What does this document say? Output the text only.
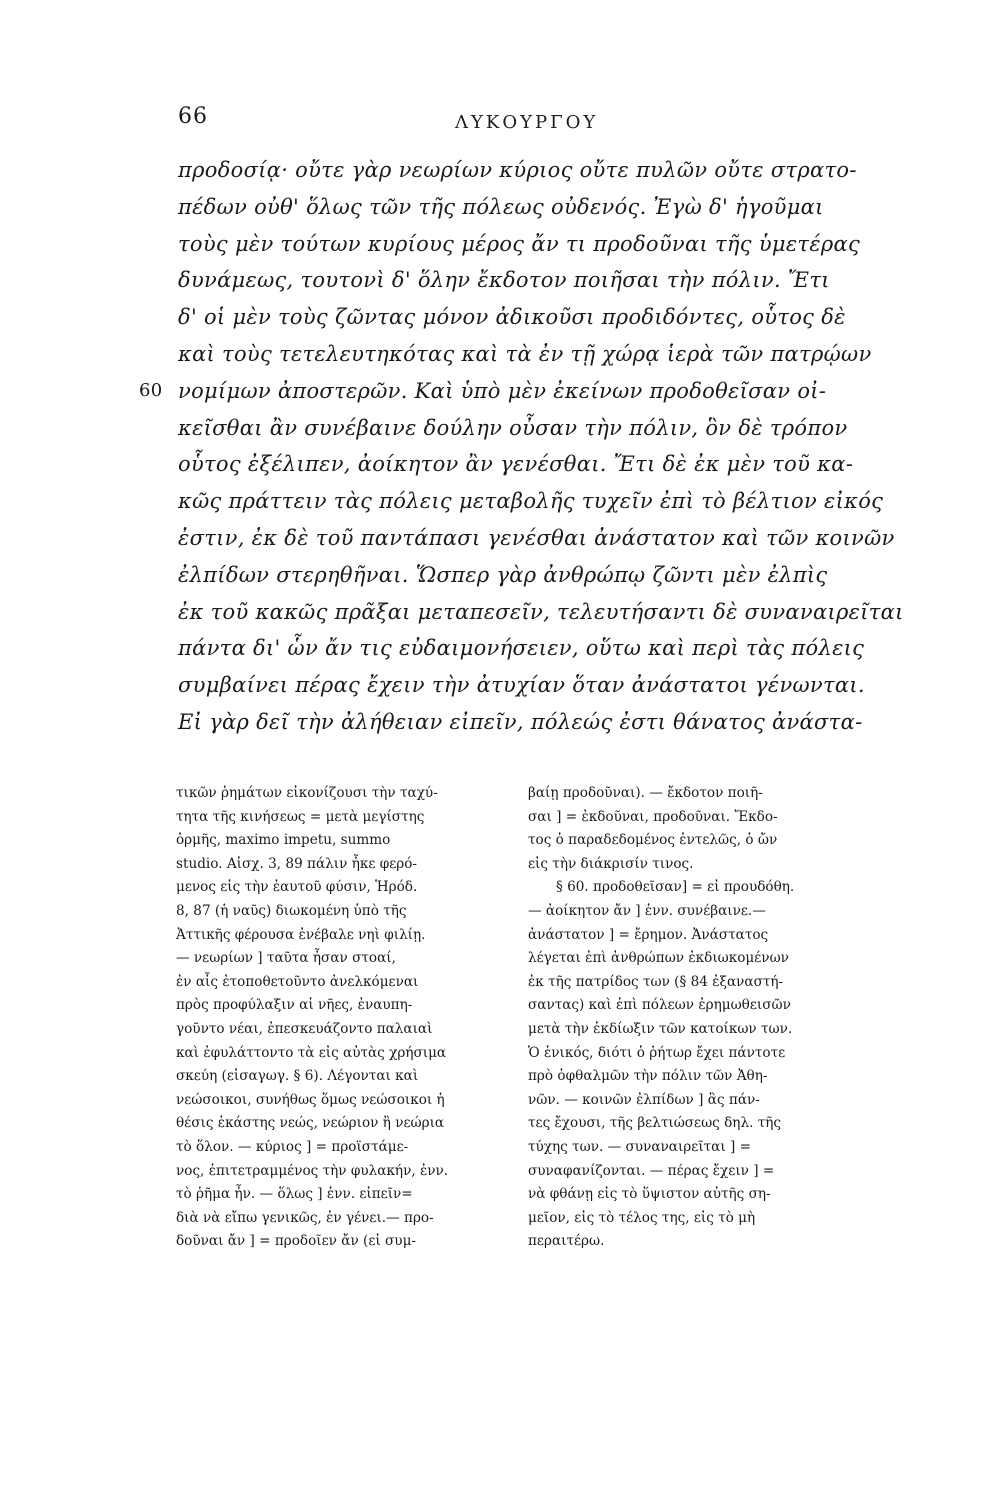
66	ΛΥΚΟΥΡΓΟΥ
προδοσίᾳ· οὔτε γὰρ νεωρίων κύριος οὔτε πυλῶν οὔτε στρατο-
πέδων οὐθ' ὅλως τῶν τῆς πόλεως οὐδενός. Ἐγὼ δ' ἡγοῦμαι
τοὺς μὲν τούτων κυρίους μέρος ἄν τι προδοῦναι τῆς ὑμετέρας
δυνάμεως, τουτονὶ δ' ὅλην ἔκδοτον ποιῆσαι τὴν πόλιν. Ἔτι
δ' οἱ μὲν τοὺς ζῶντας μόνον ἀδικοῦσι προδιδόντες, οὗτος δὲ
καὶ τοὺς τετελευτηκότας καὶ τὰ ἐν τῇ χώρᾳ ἱερὰ τῶν πατρῴων
60 νομίμων ἀποστερῶν. Καὶ ὑπὸ μὲν ἐκείνων προδοθεῖσαν οἰ-
κεῖσθαι ἂν συνέβαινε δούλην οὖσαν τὴν πόλιν, ὃν δὲ τρόπον
οὗτος ἐξέλιπεν, ἀοίκητον ἂν γενέσθαι. Ἔτι δὲ ἐκ μὲν τοῦ κα-
κῶς πράττειν τὰς πόλεις μεταβολῆς τυχεῖν ἐπὶ τὸ βέλτιον εἰκός
ἐστιν, ἐκ δὲ τοῦ παντάπασι γενέσθαι ἀνάστατον καὶ τῶν κοινῶν
ἐλπίδων στερηθῆναι. Ὥσπερ γὰρ ἀνθρώπῳ ζῶντι μὲν ἐλπὶς
ἐκ τοῦ κακῶς πρᾶξαι μεταπεσεῖν, τελευτήσαντι δὲ συναναιρεῖται
πάντα δι' ὧν ἄν τις εὐδαιμονήσειεν, οὕτω καὶ περὶ τὰς πόλεις
συμβαίνει πέρας ἔχειν τὴν ἀτυχίαν ὅταν ἀνάστατοι γένωνται.
Εἰ γὰρ δεῖ τὴν ἀλήθειαν εἰπεῖν, πόλεώς ἐστι θάνατος ἀνάστα-
τικῶν ῥημάτων εἰκονίζουσι τὴν ταχύ-
τητα τῆς κινήσεως = μετὰ μεγίστης
ὁρμῆς, maximo impetu, summo
studio. Αἰσχ. 3, 89 πάλιν ἧκε φερό-
μενος εἰς τὴν ἑαυτοῦ φύσιν, Ἡρόδ.
8, 87 (ἡ ναῦς) διωκομένη ὑπὸ τῆς
Ἀττικῆς φέρουσα ἐνέβαλε νηὶ φιλίῃ.
— νεωρίων ] ταῦτα ἦσαν στοαί,
ἐν αἷς ἐτοποθετοῦντο ἀνελκόμεναι
πρὸς προφύλαξιν αἱ νῆες, ἐναυπη-
γοῦντο νέαι, ἐπεσκευάζοντο παλαιαὶ
καὶ ἐφυλάττοντο τὰ εἰς αὐτὰς χρήσιμα
σκεύη (εἰσαγωγ. § 6). Λέγονται καὶ
νεώσοικοι, συνήθως ὅμως νεώσοικοι ἡ
θέσις ἑκάστης νεώς, νεώριον ἢ νεώρια
τὸ ὅλον. — κύριος ] = προϊστάμε-
νος, ἐπιτετραμμένος τὴν φυλακήν, ἐνν.
τὸ ῥῆμα ἦν. — ὅλως ] ἐνν. εἰπεῖν=
διὰ νὰ εἴπω γενικῶς, ἐν γένει.— προ-
δοῦναι ἄν ] = προδοῖεν ἄν (εἰ συμ-
βαίῃ προδοῦναι). — ἔκδοτον ποιῆ-
σαι ] = ἐκδοῦναι, προδοῦναι. Ἔκδο-
τος ὁ παραδεδομένος ἐντελῶς, ὁ ὤν
εἰς τὴν διάκρισίν τινος.
§ 60. προδοθεῖσαν] = εἰ προυδόθη.
— ἀοίκητον ἄν ] ἐνν. συνέβαινε.—
ἀνάστατον ] = ἔρημον. Ἀνάστατος
λέγεται ἐπὶ ἀνθρώπων ἐκδιωκομένων
ἐκ τῆς πατρίδος των (§ 84 ἐξαναστή-
σαντας) καὶ ἐπὶ πόλεων ἐρημωθεισῶν
μετὰ τὴν ἐκδίωξιν τῶν κατοίκων των.
Ὁ ἑνικός, διότι ὁ ῥήτωρ ἔχει πάντοτε
πρὸ ὀφθαλμῶν τὴν πόλιν τῶν Ἀθη-
νῶν. — κοινῶν ἐλπίδων ] ἃς πάν-
τες ἔχουσι, τῆς βελτιώσεως δηλ. τῆς
τύχης των. — συναναιρεῖται ] =
συναφανίζονται. — πέρας ἔχειν ] =
νὰ φθάνῃ εἰς τὸ ὕψιστον αὐτῆς ση-
μεῖον, εἰς τὸ τέλος της, εἰς τὸ μὴ
περαιτέρω.
